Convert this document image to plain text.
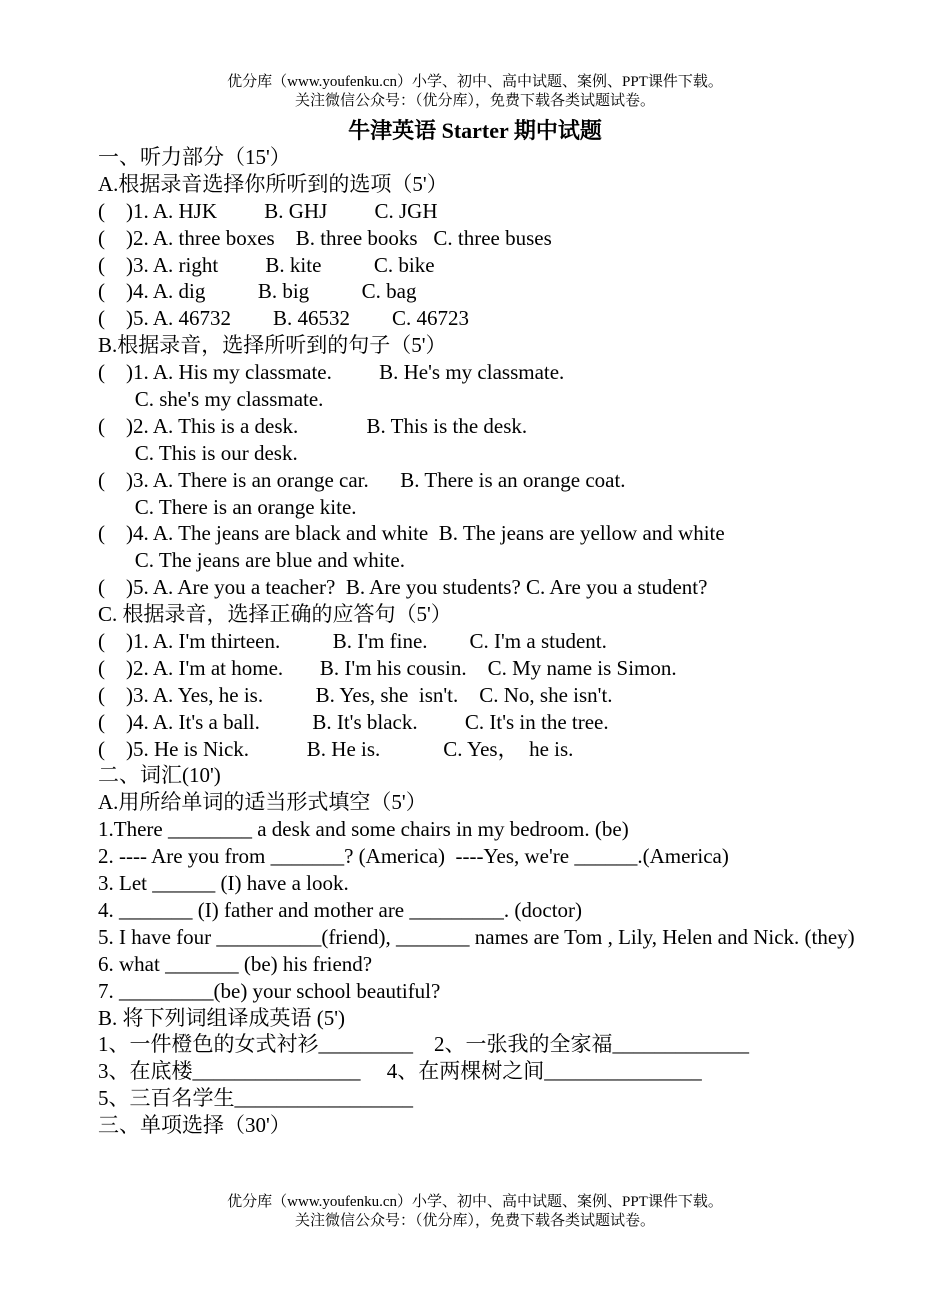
优分库（www.youfenku.cn）小学、初中、高中试题、案例、PPT课件下载。
关注微信公众号：（优分库），免费下载各类试题试卷。
牛津英语 Starter 期中试题
一、听力部分（15'）
A.根据录音选择你所听到的选项（5'）
(    )1. A. HJK         B. GHJ         C. JGH
(    )2. A. three boxes    B. three books   C. three buses
(    )3. A. right         B. kite          C. bike
(    )4. A. dig          B. big          C. bag
(    )5. A. 46732        B. 46532        C. 46723
B.根据录音，选择所听到的句子（5'）
(    )1. A. His my classmate.         B. He's my classmate.
C. she's my classmate.
(    )2. A. This is a desk.             B. This is the desk.
C. This is our desk.
(    )3. A. There is an orange car.      B. There is an orange coat.
C. There is an orange kite.
(    )4. A. The jeans are black and white  B. The jeans are yellow and white
C. The jeans are blue and white.
(    )5. A. Are you a teacher?  B. Are you students? C. Are you a student?
C. 根据录音，选择正确的应答句（5'）
(    )1. A. I'm thirteen.          B. I'm fine.        C. I'm a student.
(    )2. A. I'm at home.       B. I'm his cousin.    C. My name is Simon.
(    )3. A. Yes, he is.          B. Yes, she  isn't.    C. No, she isn't.
(    )4. A. It's a ball.          B. It's black.         C. It's in the tree.
(    )5. He is Nick.           B. He is.            C. Yes，  he is.
二、词汇(10')
A.用所给单词的适当形式填空（5'）
1.There ________ a desk and some chairs in my bedroom. (be)
2. ---- Are you from _______? (America)  ----Yes, we're ______.(America)
3. Let ______ (I) have a look.
4. _______ (I) father and mother are _________. (doctor)
5. I have four __________(friend), _______ names are Tom , Lily, Helen and Nick. (they)
6. what _______ (be) his friend?
7. _________(be) your school beautiful?
B. 将下列词组译成英语 (5')
1、一件橙色的女式衬衫_________    2、一张我的全家福_____________
3、在底楼________________     4、在两棵树之间_______________
5、三百名学生_________________
三、单项选择（30'）
优分库（www.youfenku.cn）小学、初中、高中试题、案例、PPT课件下载。
关注微信公众号：（优分库），免费下载各类试题试卷。
